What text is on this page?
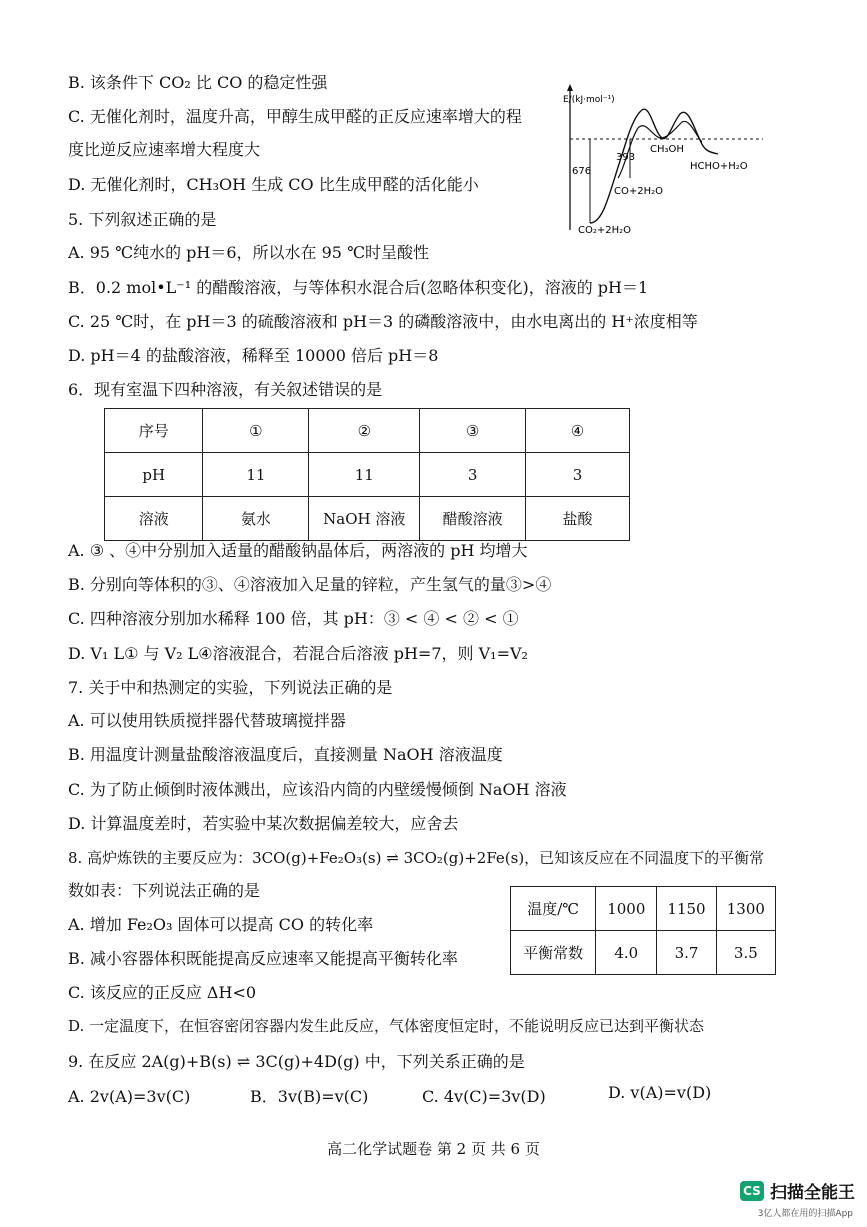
B. 该条件下 CO₂ 比 CO 的稳定性强
C. 无催化剂时，温度升高，甲醇生成甲醛的正反应速率增大的程
度比逆反应速率增大程度大
D. 无催化剂时，CH₃OH 生成 CO 比生成甲醛的活化能小
5. 下列叙述正确的是
A. 95 ℃纯水的 pH＝6，所以水在 95 ℃时呈酸性
B．0.2 mol•L⁻¹ 的醋酸溶液，与等体积水混合后(忽略体积变化)，溶液的 pH＝1
C. 25 ℃时，在 pH＝3 的硫酸溶液和 pH＝3 的磷酸溶液中，由水电离出的 H⁺浓度相等
D. pH＝4 的盐酸溶液，稀释至 10000 倍后 pH＝8
6．现有室温下四种溶液，有关叙述错误的是
序号	①	②	③	④
pH	11	11	3	3
溶液	氨水	NaOH 溶液	醋酸溶液	盐酸
A. ③ 、④中分别加入适量的醋酸钠晶体后，两溶液的 pH 均增大
B. 分别向等体积的③、④溶液加入足量的锌粒，产生氢气的量③>④
C. 四种溶液分别加水稀释 100 倍，其 pH：③ < ④ < ② < ①
D. V₁ L① 与 V₂ L④溶液混合，若混合后溶液 pH=7，则 V₁=V₂
7. 关于中和热测定的实验，下列说法正确的是
A. 可以使用铁质搅拌器代替玻璃搅拌器
B. 用温度计测量盐酸溶液温度后，直接测量 NaOH 溶液温度
C. 为了防止倾倒时液体溅出，应该沿内筒的内壁缓慢倾倒 NaOH 溶液
D. 计算温度差时，若实验中某次数据偏差较大，应舍去
8. 高炉炼铁的主要反应为：3CO(g)+Fe₂O₃(s) ⇌ 3CO₂(g)+2Fe(s)，已知该反应在不同温度下的平衡常
数如表：下列说法正确的是
温度/℃	1000	1150	1300
平衡常数	4.0	3.7	3.5
A. 增加 Fe₂O₃ 固体可以提高 CO 的转化率
B. 减小容器体积既能提高反应速率又能提高平衡转化率
C. 该反应的正反应 ΔH<0
D. 一定温度下，在恒容密闭容器内发生此反应，气体密度恒定时，不能说明反应已达到平衡状态
9. 在反应 2A(g)+B(s) ⇌ 3C(g)+4D(g) 中，下列关系正确的是
A. 2v(A)=3v(C)	B．3v(B)=v(C)	C. 4v(C)=3v(D)	D. v(A)=v(D)
E/(kJ·mol⁻¹)
676
393
CH₃OH
HCHO+H₂O
CO+2H₂O
CO₂+2H₂O
高二化学试题卷 第 2 页 共 6 页
CS 扫描全能王
3亿人都在用的扫描App
